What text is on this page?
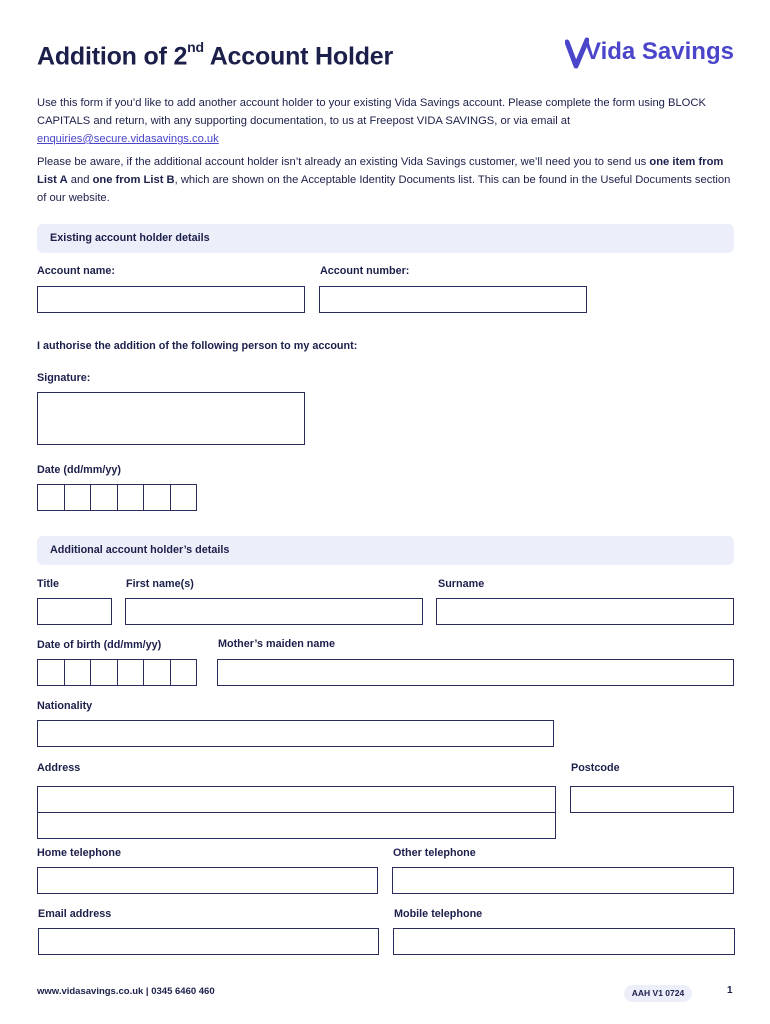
Addition of 2nd Account Holder	Vida Savings
Use this form if you’d like to add another account holder to your existing Vida Savings account. Please complete the form using BLOCK CAPITALS and return, with any supporting documentation, to us at Freepost VIDA SAVINGS, or via email at
enquiries@secure.vidasavings.co.uk
Please be aware, if the additional account holder isn’t already an existing Vida Savings customer, we’ll need you to send us one item from List A and one from List B, which are shown on the Acceptable Identity Documents list. This can be found in the Useful Documents section of our website.
Existing account holder details
Account name:	Account number:
I authorise the addition of the following person to my account:
Signature:
Date (dd/mm/yy)
Additional account holder’s details
Title	First name(s)	Surname
Date of birth (dd/mm/yy)	Mother’s maiden name
Nationality
Address	Postcode
Home telephone	Other telephone
Email address	Mobile telephone
www.vidasavings.co.uk | 0345 6460 460	AAH V1 0724	1
